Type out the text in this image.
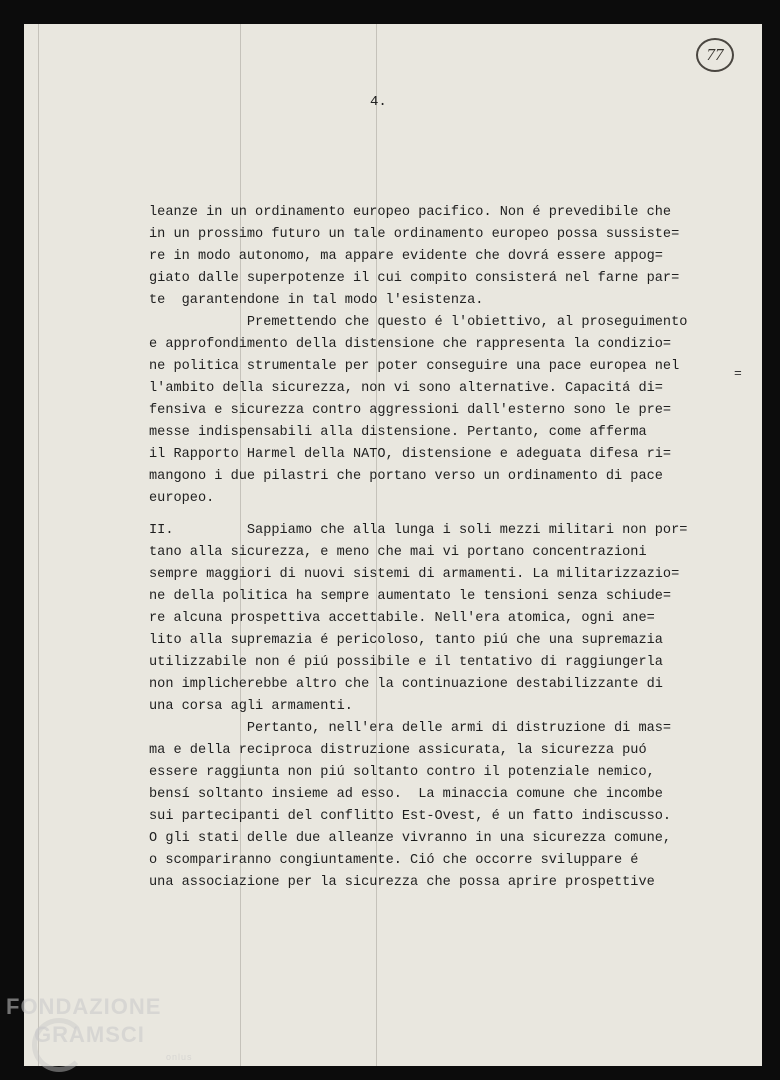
77
4.
=
leanze in un ordinamento europeo pacifico. Non é prevedibile che
in un prossimo futuro un tale ordinamento europeo possa sussiste=
re in modo autonomo, ma appare evidente che dovrá essere appog=
giato dalle superpotenze il cui compito consisterá nel farne par=
te  garantendone in tal modo l'esistenza.
Premettendo che questo é l'obiettivo, al proseguimento
e approfondimento della distensione che rappresenta la condizio=
ne politica strumentale per poter conseguire una pace europea nel
l'ambito della sicurezza, non vi sono alternative. Capacitá di=
fensiva e sicurezza contro aggressioni dall'esterno sono le pre=
messe indispensabili alla distensione. Pertanto, come afferma
il Rapporto Harmel della NATO, distensione e adeguata difesa ri=
mangono i due pilastri che portano verso un ordinamento di pace
europeo.
II.         Sappiamo che alla lunga i soli mezzi militari non por=
tano alla sicurezza, e meno che mai vi portano concentrazioni
sempre maggiori di nuovi sistemi di armamenti. La militarizzazio=
ne della politica ha sempre aumentato le tensioni senza schiude=
re alcuna prospettiva accettabile. Nell'era atomica, ogni ane=
lito alla supremazia é pericoloso, tanto piú che una supremazia
utilizzabile non é piú possibile e il tentativo di raggiungerla
non implicherebbe altro che la continuazione destabilizzante di
una corsa agli armamenti.
Pertanto, nell'era delle armi di distruzione di mas=
ma e della reciproca distruzione assicurata, la sicurezza puó
essere raggiunta non piú soltanto contro il potenziale nemico,
bensí soltanto insieme ad esso.  La minaccia comune che incombe
sui partecipanti del conflitto Est-Ovest, é un fatto indiscusso.
O gli stati delle due alleanze vivranno in una sicurezza comune,
o scompariranno congiuntamente. Ció che occorre sviluppare é
una associazione per la sicurezza che possa aprire prospettive
FONDAZIONE
GRAMSCI
onlus
